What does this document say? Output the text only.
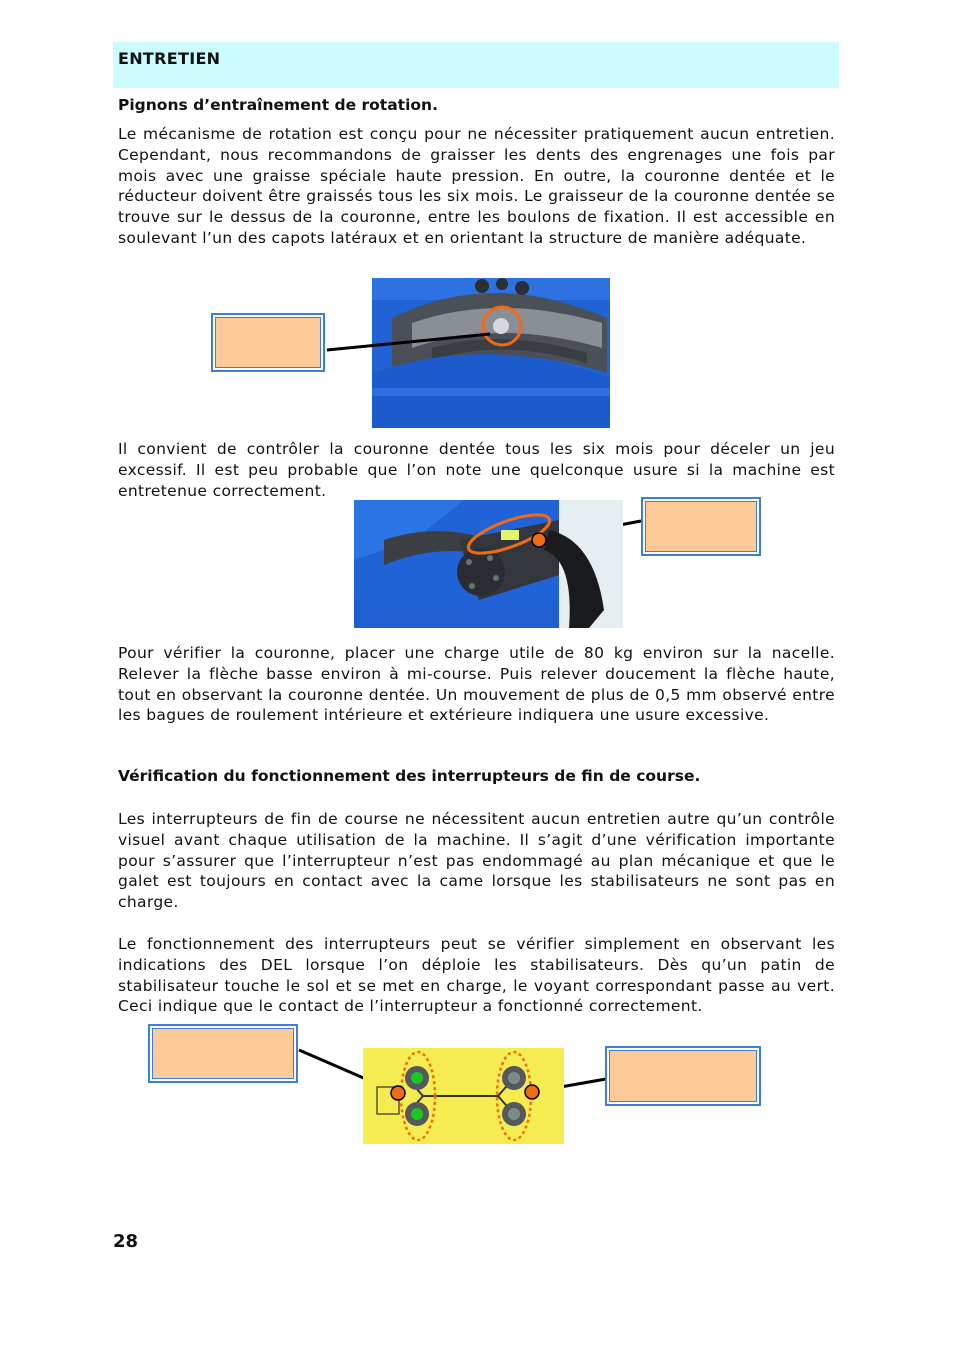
ENTRETIEN

Pignons d’entraînement de rotation.

Le mécanisme de rotation est conçu pour ne nécessiter pratiquement aucun entretien. Cependant, nous recommandons de graisser les dents des engrenages une fois par mois avec une graisse spéciale haute pression. En outre, la couronne dentée et le réducteur doivent être graissés tous les six mois. Le graisseur de la couronne dentée se trouve sur le dessus de la couronne, entre les boulons de fixation. Il est accessible en soulevant l’un des capots latéraux et en orientant la structure de manière adéquate.

Il convient de contrôler la couronne dentée tous les six mois pour déceler un jeu excessif. Il est peu probable que l’on note une quelconque usure si la machine est entretenue correctement.

Pour vérifier la couronne, placer une charge utile de 80 kg environ sur la nacelle. Relever la flèche basse environ à mi-course. Puis relever doucement la flèche haute, tout en observant la couronne dentée. Un mouvement de plus de 0,5 mm observé entre les bagues de roulement intérieure et extérieure indiquera une usure excessive.

Vérification du fonctionnement des interrupteurs de fin de course.

Les interrupteurs de fin de course ne nécessitent aucun entretien autre qu’un contrôle visuel avant chaque utilisation de la machine. Il s’agit d’une vérification importante pour s’assurer que l’interrupteur n’est pas endommagé au plan mécanique et que le galet est toujours en contact avec la came lorsque les stabilisateurs ne sont pas en charge.

Le fonctionnement des interrupteurs peut se vérifier simplement en observant les indications des DEL lorsque l’on déploie les stabilisateurs. Dès qu’un patin de stabilisateur touche le sol et se met en charge, le voyant correspondant passe au vert. Ceci indique que le contact de l’interrupteur a fonctionné correctement.

28
